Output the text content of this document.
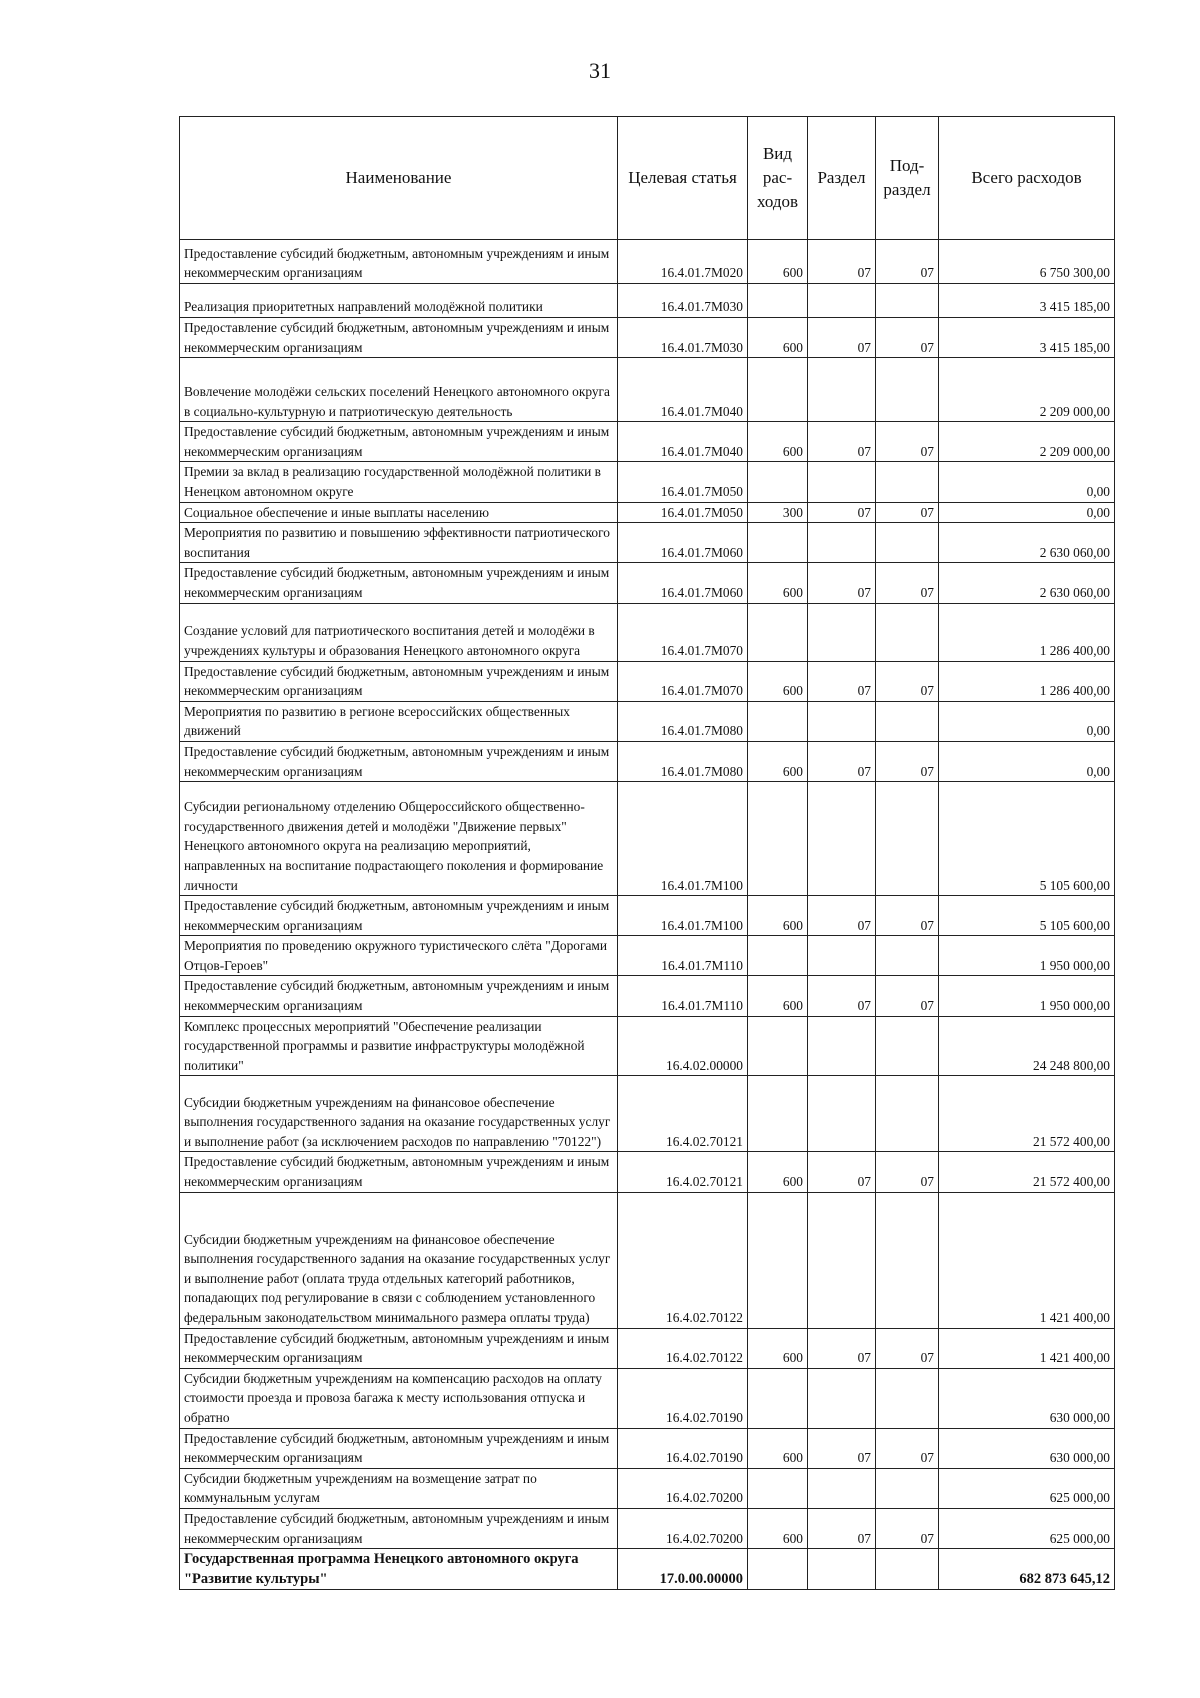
31
Наименование	Целевая статья	Вид рас- ходов	Раздел	Под- раздел	Всего расходов
Предоставление субсидий бюджетным, автономным учреждениям и иным некоммерческим организациям	16.4.01.7М020	600	07	07	6 750 300,00
Реализация приоритетных направлений молодёжной политики	16.4.01.7М030				3 415 185,00
Предоставление субсидий бюджетным, автономным учреждениям и иным некоммерческим организациям	16.4.01.7М030	600	07	07	3 415 185,00
Вовлечение молодёжи сельских поселений Ненецкого автономного округа в социально-культурную и патриотическую деятельность	16.4.01.7М040				2 209 000,00
Предоставление субсидий бюджетным, автономным учреждениям и иным некоммерческим организациям	16.4.01.7М040	600	07	07	2 209 000,00
Премии за вклад в реализацию государственной молодёжной политики в Ненецком автономном округе	16.4.01.7М050				0,00
Социальное обеспечение и иные выплаты населению	16.4.01.7М050	300	07	07	0,00
Мероприятия по развитию и повышению эффективности патриотического воспитания	16.4.01.7М060				2 630 060,00
Предоставление субсидий бюджетным, автономным учреждениям и иным некоммерческим организациям	16.4.01.7М060	600	07	07	2 630 060,00
Создание условий для патриотического воспитания детей и молодёжи в учреждениях культуры и образования Ненецкого автономного округа	16.4.01.7М070				1 286 400,00
Предоставление субсидий бюджетным, автономным учреждениям и иным некоммерческим организациям	16.4.01.7М070	600	07	07	1 286 400,00
Мероприятия по развитию в регионе всероссийских общественных движений	16.4.01.7М080				0,00
Предоставление субсидий бюджетным, автономным учреждениям и иным некоммерческим организациям	16.4.01.7М080	600	07	07	0,00
Субсидии региональному отделению Общероссийского общественно-государственного движения детей и молодёжи "Движение первых" Ненецкого автономного округа на реализацию мероприятий, направленных на воспитание подрастающего поколения и формирование личности	16.4.01.7М100				5 105 600,00
Предоставление субсидий бюджетным, автономным учреждениям и иным некоммерческим организациям	16.4.01.7М100	600	07	07	5 105 600,00
Мероприятия по проведению окружного туристического слёта "Дорогами Отцов-Героев"	16.4.01.7М110				1 950 000,00
Предоставление субсидий бюджетным, автономным учреждениям и иным некоммерческим организациям	16.4.01.7М110	600	07	07	1 950 000,00
Комплекс процессных мероприятий "Обеспечение реализации государственной программы и развитие инфраструктуры молодёжной политики"	16.4.02.00000				24 248 800,00
Субсидии бюджетным учреждениям на финансовое обеспечение выполнения государственного задания на оказание государственных услуг и выполнение работ (за исключением расходов по направлению "70122")	16.4.02.70121				21 572 400,00
Предоставление субсидий бюджетным, автономным учреждениям и иным некоммерческим организациям	16.4.02.70121	600	07	07	21 572 400,00
Субсидии бюджетным учреждениям на финансовое обеспечение выполнения государственного задания на оказание государственных услуг и выполнение работ (оплата труда отдельных категорий работников, попадающих под регулирование в связи с соблюдением установленного федеральным законодательством минимального размера оплаты труда)	16.4.02.70122				1 421 400,00
Предоставление субсидий бюджетным, автономным учреждениям и иным некоммерческим организациям	16.4.02.70122	600	07	07	1 421 400,00
Субсидии бюджетным учреждениям на компенсацию расходов на оплату стоимости проезда и провоза багажа к месту использования отпуска и обратно	16.4.02.70190				630 000,00
Предоставление субсидий бюджетным, автономным учреждениям и иным некоммерческим организациям	16.4.02.70190	600	07	07	630 000,00
Субсидии бюджетным учреждениям на возмещение затрат по коммунальным услугам	16.4.02.70200				625 000,00
Предоставление субсидий бюджетным, автономным учреждениям и иным некоммерческим организациям	16.4.02.70200	600	07	07	625 000,00
Государственная программа Ненецкого автономного округа "Развитие культуры"	17.0.00.00000				682 873 645,12
